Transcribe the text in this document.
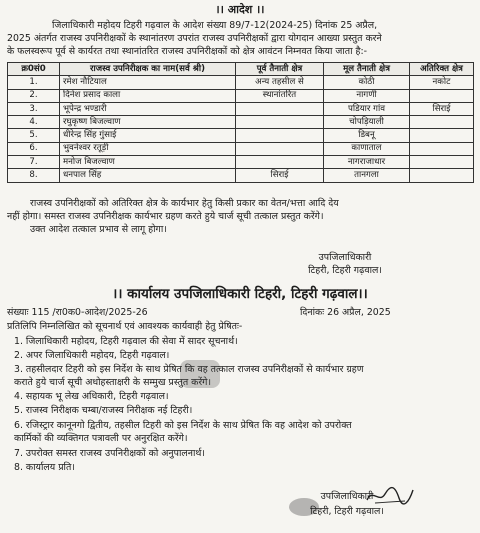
।। आदेश ।।
जिलाधिकारी महोदय टिहरी गढ़वाल के आदेश संख्या 89/7-12(2024-25) दिनांक 25 अप्रैल,
2025 अंतर्गत राजस्व उपनिरीक्षकों के स्थानांतरण उपरांत राजस्व उपनिरीक्षकों द्वारा योगदान आख्या प्रस्तुत करने
के फलस्वरूप पूर्व से कार्यरत तथा स्थानांतरित राजस्व उपनिरीक्षकों को क्षेत्र आवंटन निम्नवत किया जाता है:-
क्र0सं0	राजस्व उपनिरीक्षक का नाम(सर्व श्री)	पूर्व तैनाती क्षेत्र	मूल तैनाती क्षेत्र	अतिरिक्त क्षेत्र
1.	रमेश नौटियाल	अन्य तहसील से	कोठी	नकोट
2.	दिनेश प्रसाद काला	स्थानांतरित	नागणी	
3.	भूपेन्द्र भण्डारी		पडियार गांव	सिराई
4.	रघुकृष्ण बिजल्वाण		चोपड़ियाली	
5.	धीरेन्द्र सिंह गुंसाई		डिबनू	
6.	भुवनेश्वर रतूड़ी		काणाताल	
7.	मनोज बिजल्वाण		नागराजाधार	
8.	धनपाल सिंह	सिराई	तानगला	
राजस्व उपनिरीक्षकों को अतिरिक्त क्षेत्र के कार्यभार हेतु किसी प्रकार का वेतन/भत्ता आदि देय
नहीं होगा। समस्त राजस्व उपनिरीक्षक कार्यभार ग्रहण करते हुये चार्ज सूची तत्काल प्रस्तुत करेंगे।
उक्त आदेश तत्काल प्रभाव से लागू होगा।
उपजिलाधिकारी
टिहरी, टिहरी गढ़वाल।
।। कार्यालय उपजिलाधिकारी टिहरी, टिहरी गढ़वाल।।
संख्याः 115 /रा0क0-आदेश/2025-26	दिनांकः 26 अप्रैल, 2025
प्रतिलिपि निम्नलिखित को सूचनार्थ एवं आवश्यक कार्यवाही हेतु प्रेषितः-
1. जिलाधिकारी महोदय, टिहरी गढ़वाल की सेवा में सादर सूचनार्थ।
2. अपर जिलाधिकारी महोदय, टिहरी गढ़वाल।
3. तहसीलदार टिहरी को इस निर्देश के साथ प्रेषित कि वह तत्काल राजस्व उपनिरीक्षकों से कार्यभार ग्रहण
कराते हुये चार्ज सूची अधोहस्ताक्षरी के सम्मुख प्रस्तुत करेंगे।
4. सहायक भू लेख अधिकारी, टिहरी गढ़वाल।
5. राजस्व निरीक्षक चम्बा/राजस्व निरीक्षक नई टिहरी।
6. रजिस्ट्रार कानूनगो द्वितीय, तहसील टिहरी को इस निर्देश के साथ प्रेषित कि वह आदेश को उपरोक्त
कार्मिकों की व्यक्तिगत पत्रावली पर अनुरक्षित करेंगे।
7. उपरोक्त समस्त राजस्व उपनिरीक्षकों को अनुपालनार्थ।
8. कार्यालय प्रति।
उपजिलाधिकारी
टिहरी, टिहरी गढ़वाल।
